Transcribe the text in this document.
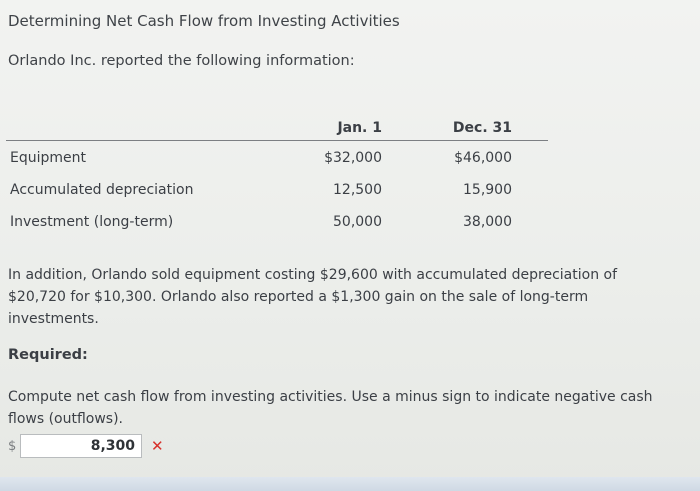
Determining Net Cash Flow from Investing Activities
Orlando Inc. reported the following information:
Jan. 1	Dec. 31
Equipment	$32,000	$46,000
Accumulated depreciation	12,500	15,900
Investment (long-term)	50,000	38,000
In addition, Orlando sold equipment costing $29,600 with accumulated depreciation of $20,720 for $10,300. Orlando also reported a $1,300 gain on the sale of long-term investments.
Required:
Compute net cash flow from investing activities. Use a minus sign to indicate negative cash flows (outflows).
$
8,300	✕
